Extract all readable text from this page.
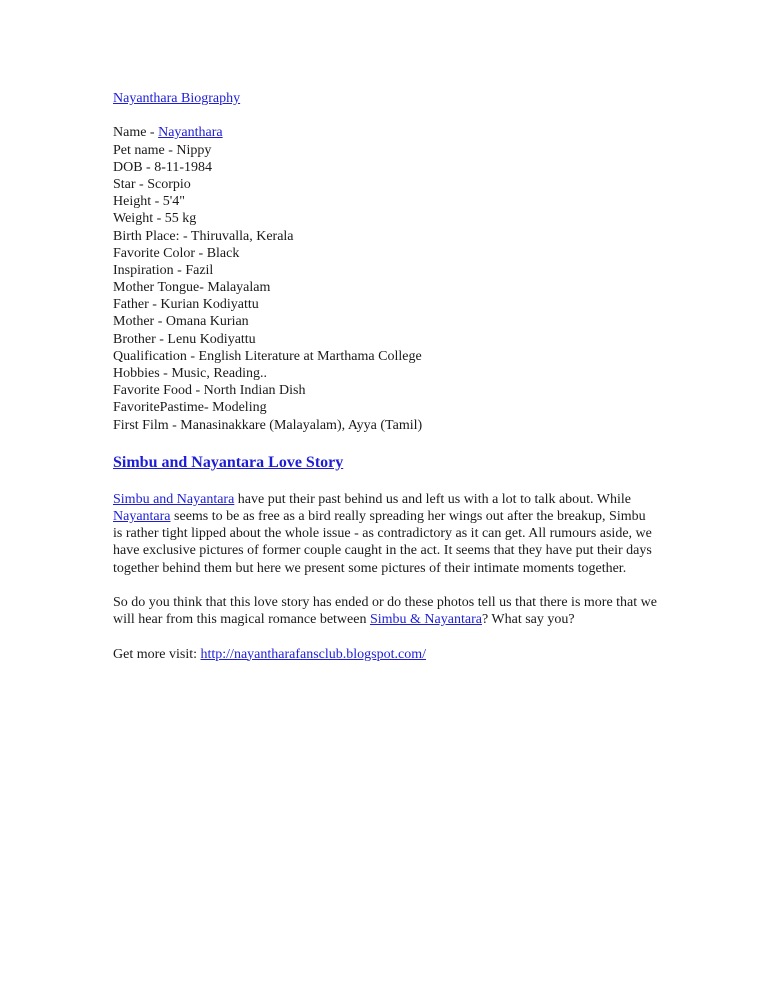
Nayanthara Biography
Name - Nayanthara
Pet name - Nippy
DOB - 8-11-1984
Star - Scorpio
Height - 5'4"
Weight - 55 kg
Birth Place: - Thiruvalla, Kerala
Favorite Color - Black
Inspiration - Fazil
Mother Tongue- Malayalam
Father - Kurian Kodiyattu
Mother - Omana Kurian
Brother - Lenu Kodiyattu
Qualification - English Literature at Marthama College
Hobbies - Music, Reading..
Favorite Food - North Indian Dish
FavoritePastime- Modeling
First Film - Manasinakkare (Malayalam), Ayya (Tamil)
Simbu and Nayantara Love Story

Simbu and Nayantara have put their past behind us and left us with a lot to talk about. While Nayantara seems to be as free as a bird really spreading her wings out after the breakup, Simbu is rather tight lipped about the whole issue - as contradictory as it can get. All rumours aside, we have exclusive pictures of former couple caught in the act. It seems that they have put their days together behind them but here we present some pictures of their intimate moments together.

So do you think that this love story has ended or do these photos tell us that there is more that we will hear from this magical romance between Simbu & Nayantara? What say you?

Get more visit: http://nayantharafansclub.blogspot.com/
